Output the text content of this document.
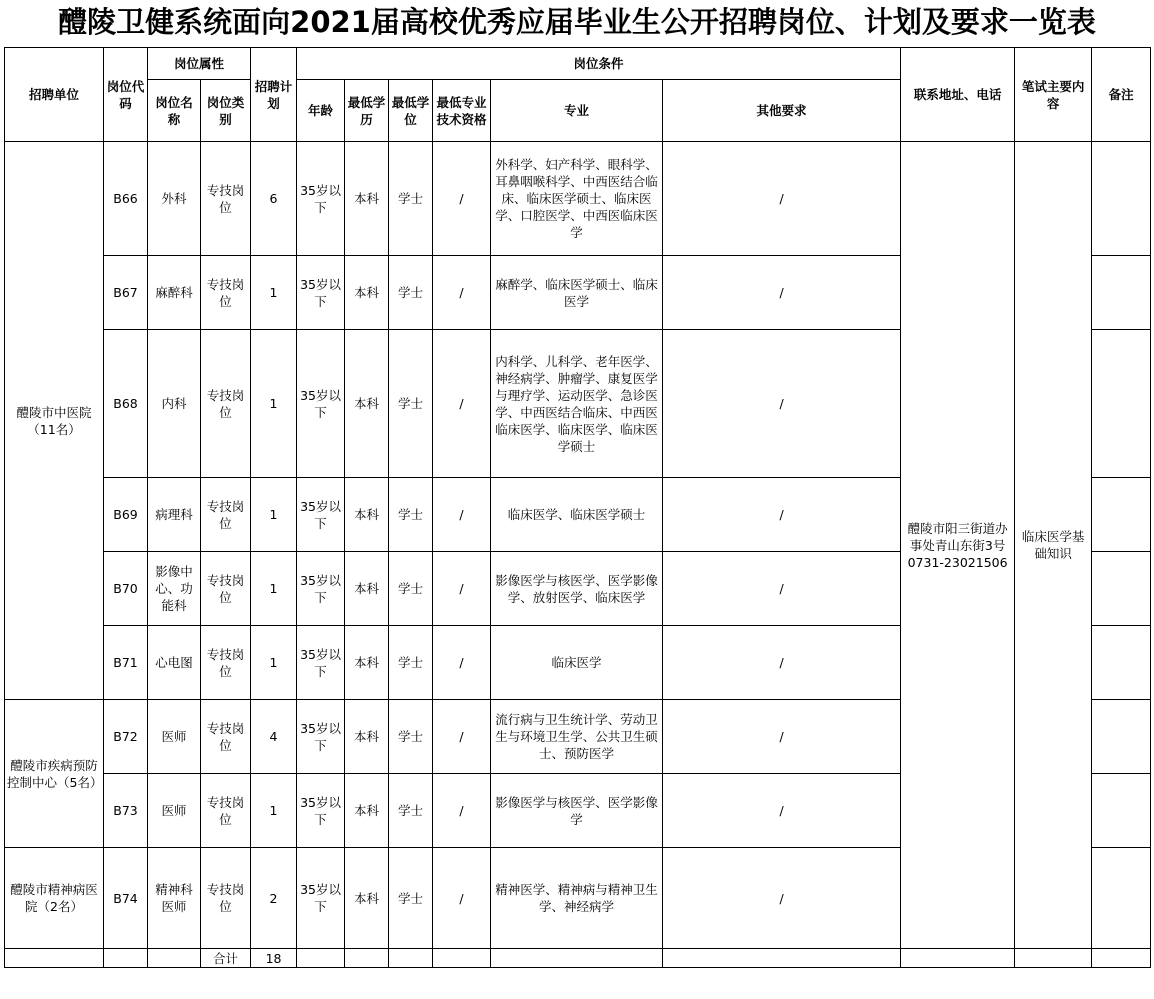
醴陵卫健系统面向2021届高校优秀应届毕业生公开招聘岗位、计划及要求一览表
招聘单位	岗位代码	岗位属性		招聘计划	岗位条件						联系地址、电话	笔试主要内容	备注
		岗位名称	岗位类别		年龄	最低学历	最低学位	最低专业技术资格	专业	其他要求			

醴陵市中医院（11名）	B66	外科	专技岗位	6	35岁以下	本科	学士	/	外科学、妇产科学、眼科学、耳鼻咽喉科学、中西医结合临床、临床医学硕士、临床医学、口腔医学、中西医临床医学	/	醴陵市阳三街道办事处青山东街3号 0731-23021506	临床医学基础知识	
	B67	麻醉科	专技岗位	1	35岁以下	本科	学士	/	麻醉学、临床医学硕士、临床医学	/			
	B68	内科	专技岗位	1	35岁以下	本科	学士	/	内科学、儿科学、老年医学、神经病学、肿瘤学、康复医学与理疗学、运动医学、急诊医学、中西医结合临床、中西医临床医学、临床医学、临床医学硕士	/			
	B69	病理科	专技岗位	1	35岁以下	本科	学士	/	临床医学、临床医学硕士	/			
	B70	影像中心、功能科	专技岗位	1	35岁以下	本科	学士	/	影像医学与核医学、医学影像学、放射医学、临床医学	/			
	B71	心电图	专技岗位	1	35岁以下	本科	学士	/	临床医学	/			
醴陵市疾病预防控制中心（5名）	B72	医师	专技岗位	4	35岁以下	本科	学士	/	流行病与卫生统计学、劳动卫生与环境卫生学、公共卫生硕士、预防医学	/			
	B73	医师	专技岗位	1	35岁以下	本科	学士	/	影像医学与核医学、医学影像学	/			
醴陵市精神病医院（2名）	B74	精神科医师	专技岗位	2	35岁以下	本科	学士	/	精神医学、精神病与精神卫生学、神经病学	/			
			合计	18									
